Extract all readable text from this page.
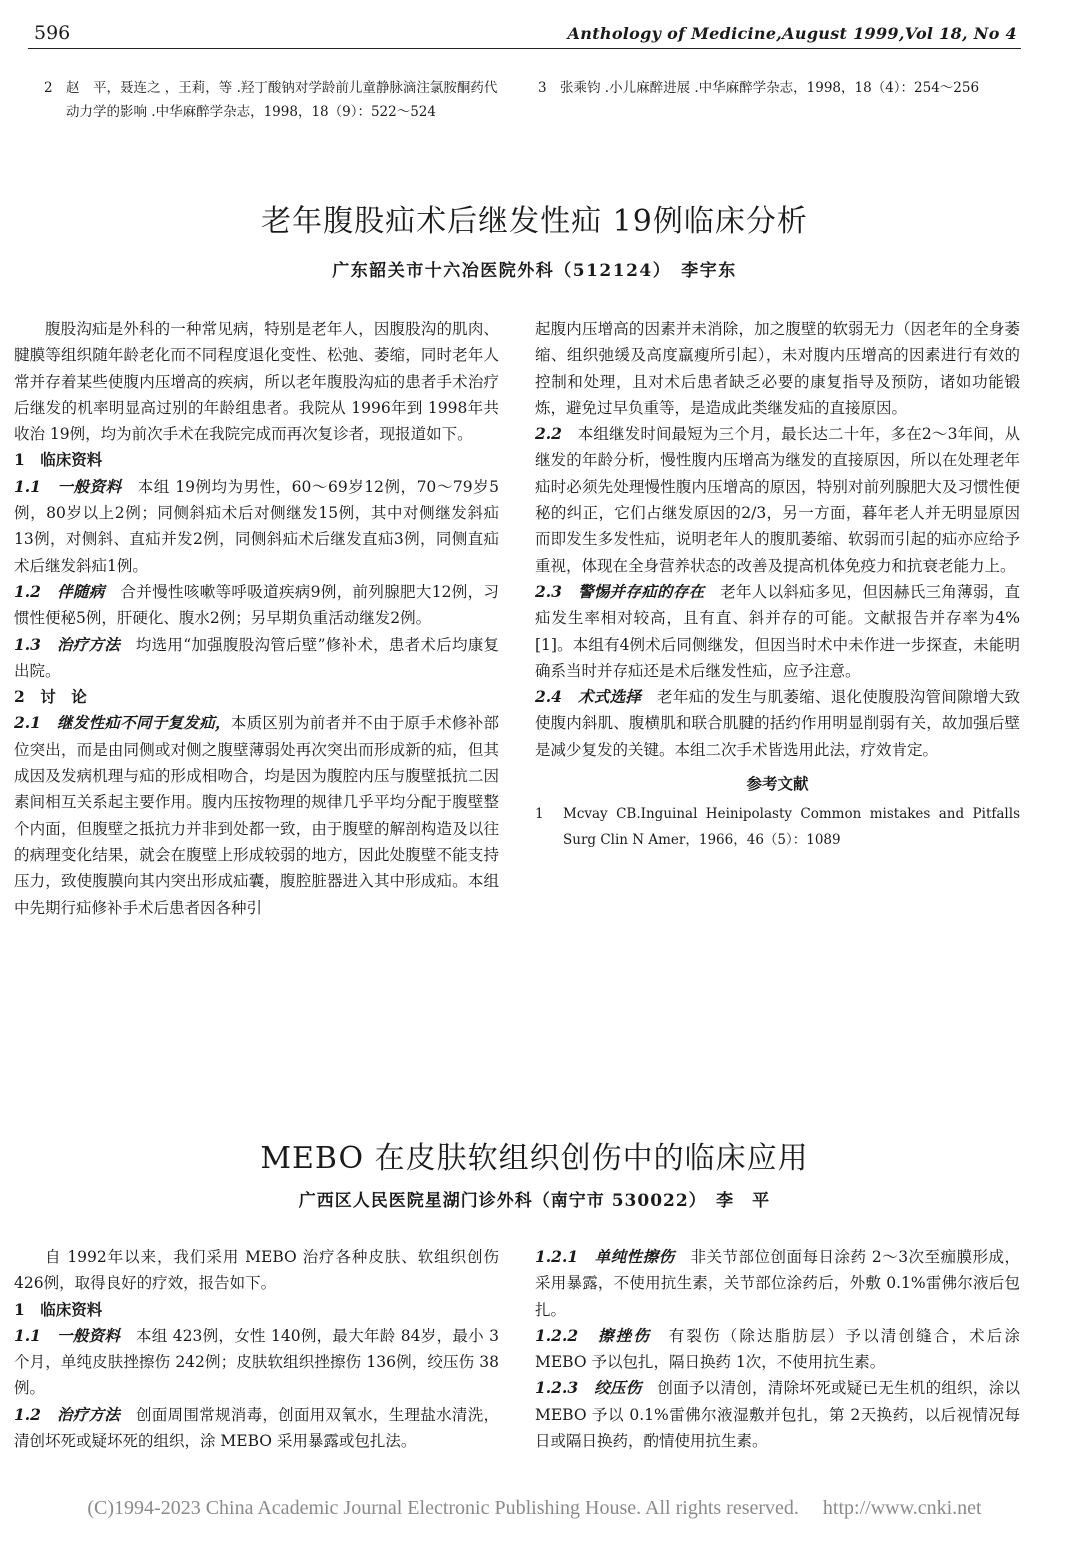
596	Anthology of Medicine,August 1999,Vol 18, No 4
2 赵　平，聂连之 ，王莉，等 .羟丁酸钠对学龄前儿童静脉滴注氯胺酮药代动力学的影响 .中华麻醉学杂志，1998，18（9）：522～524
3 张乘钧 .小儿麻醉进展 .中华麻醉学杂志，1998，18（4）：254～256
老年腹股疝术后继发性疝 19例临床分析
广东韶关市十六冶医院外科（512124）　李宇东

腹股沟疝是外科的一种常见病，特别是老年人，因腹股沟的肌肉、腱膜等组织随年龄老化而不同程度退化变性、松弛、萎缩，同时老年人常并存着某些使腹内压增高的疾病，所以老年腹股沟疝的患者手术治疗后继发的机率明显高过别的年龄组患者。我院从 1996年到 1998年共收治 19例，均为前次手术在我院完成而再次复诊者，现报道如下。

1　临床资料

1.1　一般资料　本组 19例均为男性，60～69岁12例，70～79岁5例，80岁以上2例；同侧斜疝术后对侧继发15例，其中对侧继发斜疝13例，对侧斜、直疝并发2例，同侧斜疝术后继发直疝3例，同侧直疝术后继发斜疝1例。

1.2　伴随病　合并慢性咳嗽等呼吸道疾病9例，前列腺肥大12例，习惯性便秘5例，肝硬化、腹水2例；另早期负重活动继发2例。

1.3　治疗方法　均选用“加强腹股沟管后壁”修补术，患者术后均康复出院。

2　讨　论

2.1　继发性疝不同于复发疝，本质区别为前者并不由于原手术修补部位突出，而是由同侧或对侧之腹壁薄弱处再次突出而形成新的疝，但其成因及发病机理与疝的形成相吻合，均是因为腹腔内压与腹壁抵抗二因素间相互关系起主要作用。腹内压按物理的规律几乎平均分配于腹壁整个内面，但腹壁之抵抗力并非到处都一致，由于腹壁的解剖构造及以往的病理变化结果，就会在腹壁上形成较弱的地方，因此处腹壁不能支持压力，致使腹膜向其内突出形成疝囊，腹腔脏器进入其中形成疝。本组中先期行疝修补手术后患者因各种引

起腹内压增高的因素并未消除，加之腹壁的软弱无力（因老年的全身萎缩、组织弛缓及高度羸瘦所引起），未对腹内压增高的因素进行有效的控制和处理，且对术后患者缺乏必要的康复指导及预防，诸如功能锻炼，避免过早负重等，是造成此类继发疝的直接原因。

2.2　本组继发时间最短为三个月，最长达二十年，多在2～3年间，从继发的年龄分析，慢性腹内压增高为继发的直接原因，所以在处理老年疝时必须先处理慢性腹内压增高的原因，特别对前列腺肥大及习惯性便秘的纠正，它们占继发原因的2/3，另一方面，暮年老人并无明显原因而即发生多发性疝，说明老年人的腹肌萎缩、软弱而引起的疝亦应给予重视，体现在全身营养状态的改善及提高机体免疫力和抗衰老能力上。

2.3　警惕并存疝的存在　老年人以斜疝多见，但因赫氏三角薄弱，直疝发生率相对较高，且有直、斜并存的可能。文献报告并存率为4%[1]。本组有4例术后同侧继发，但因当时术中未作进一步探查，未能明确系当时并存疝还是术后继发性疝，应予注意。

2.4　术式选择　老年疝的发生与肌萎缩、退化使腹股沟管间隙增大致使腹内斜肌、腹横肌和联合肌腱的括约作用明显削弱有关，故加强后壁是减少复发的关键。本组二次手术皆选用此法，疗效肯定。

参考文献

1 Mcvay CB.Inguinal Heinipolasty Common mistakes and Pitfalls Surg Clin N Amer，1966，46（5）：1089
MEBO 在皮肤软组织创伤中的临床应用
广西区人民医院星湖门诊外科（南宁市 530022）　李　平

自 1992年以来，我们采用 MEBO 治疗各种皮肤、软组织创伤 426例，取得良好的疗效，报告如下。

1　临床资料

1.1　一般资料　本组 423例，女性 140例，最大年龄 84岁，最小 3个月，单纯皮肤挫擦伤 242例；皮肤软组织挫擦伤 136例，绞压伤 38例。

1.2　治疗方法　创面周围常规消毒，创面用双氧水，生理盐水清洗，清创坏死或疑坏死的组织，涂 MEBO 采用暴露或包扎法。

1.2.1　单纯性擦伤　非关节部位创面每日涂药 2～3次至痂膜形成，采用暴露，不使用抗生素，关节部位涂药后，外敷 0.1%雷佛尔液后包扎。

1.2.2　擦挫伤　有裂伤（除达脂肪层）予以清创缝合，术后涂 MEBO 予以包扎，隔日换药 1次，不使用抗生素。

1.2.3　绞压伤　创面予以清创，清除坏死或疑已无生机的组织，涂以 MEBO 予以 0.1%雷佛尔液湿敷并包扎，第 2天换药，以后视情况每日或隔日换药，酌情使用抗生素。

(C)1994-2023 China Academic Journal Electronic Publishing House. All rights reserved. http://www.cnki.net
